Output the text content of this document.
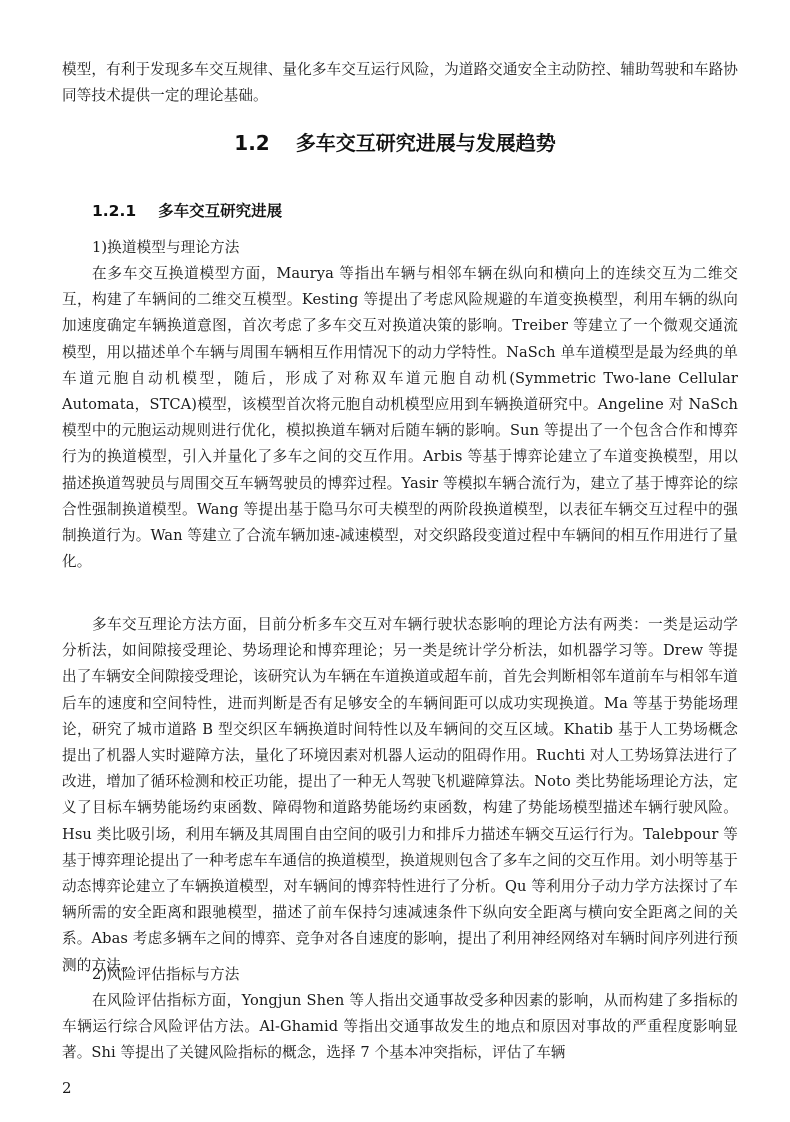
模型，有利于发现多车交互规律、量化多车交互运行风险，为道路交通安全主动防控、辅助驾驶和车路协同等技术提供一定的理论基础。

1.2 多车交互研究进展与发展趋势
1.2.1 多车交互研究进展

1)换道模型与理论方法

在多车交互换道模型方面，Maurya 等指出车辆与相邻车辆在纵向和横向上的连续交互为二维交互，构建了车辆间的二维交互模型。Kesting 等提出了考虑风险规避的车道变换模型，利用车辆的纵向加速度确定车辆换道意图，首次考虑了多车交互对换道决策的影响。Treiber 等建立了一个微观交通流模型，用以描述单个车辆与周围车辆相互作用情况下的动力学特性。NaSch 单车道模型是最为经典的单车道元胞自动机模型，随后，形成了对称双车道元胞自动机(Symmetric Two-lane Cellular Automata，STCA)模型，该模型首次将元胞自动机模型应用到车辆换道研究中。Angeline 对 NaSch 模型中的元胞运动规则进行优化，模拟换道车辆对后随车辆的影响。Sun 等提出了一个包含合作和博弈行为的换道模型，引入并量化了多车之间的交互作用。Arbis 等基于博弈论建立了车道变换模型，用以描述换道驾驶员与周围交互车辆驾驶员的博弈过程。Yasir 等模拟车辆合流行为，建立了基于博弈论的综合性强制换道模型。Wang 等提出基于隐马尔可夫模型的两阶段换道模型，以表征车辆交互过程中的强制换道行为。Wan 等建立了合流车辆加速-减速模型，对交织路段变道过程中车辆间的相互作用进行了量化。

多车交互理论方法方面，目前分析多车交互对车辆行驶状态影响的理论方法有两类：一类是运动学分析法，如间隙接受理论、势场理论和博弈理论；另一类是统计学分析法，如机器学习等。Drew 等提出了车辆安全间隙接受理论，该研究认为车辆在车道换道或超车前，首先会判断相邻车道前车与相邻车道后车的速度和空间特性，进而判断是否有足够安全的车辆间距可以成功实现换道。Ma 等基于势能场理论，研究了城市道路 B 型交织区车辆换道时间特性以及车辆间的交互区域。Khatib 基于人工势场概念提出了机器人实时避障方法，量化了环境因素对机器人运动的阻碍作用。Ruchti 对人工势场算法进行了改进，增加了循环检测和校正功能，提出了一种无人驾驶飞机避障算法。Noto 类比势能场理论方法，定义了目标车辆势能场约束函数、障碍物和道路势能场约束函数，构建了势能场模型描述车辆行驶风险。Hsu 类比吸引场，利用车辆及其周围自由空间的吸引力和排斥力描述车辆交互运行行为。Talebpour 等基于博弈理论提出了一种考虑车车通信的换道模型，换道规则包含了多车之间的交互作用。刘小明等基于动态博弈论建立了车辆换道模型，对车辆间的博弈特性进行了分析。Qu 等利用分子动力学方法探讨了车辆所需的安全距离和跟驰模型，描述了前车保持匀速减速条件下纵向安全距离与横向安全距离之间的关系。Abas 考虑多辆车之间的博弈、竞争对各自速度的影响，提出了利用神经网络对车辆时间序列进行预测的方法。

2)风险评估指标与方法

在风险评估指标方面，Yongjun Shen 等人指出交通事故受多种因素的影响，从而构建了多指标的车辆运行综合风险评估方法。Al-Ghamid 等指出交通事故发生的地点和原因对事故的严重程度影响显著。Shi 等提出了关键风险指标的概念，选择 7 个基本冲突指标，评估了车辆

2
